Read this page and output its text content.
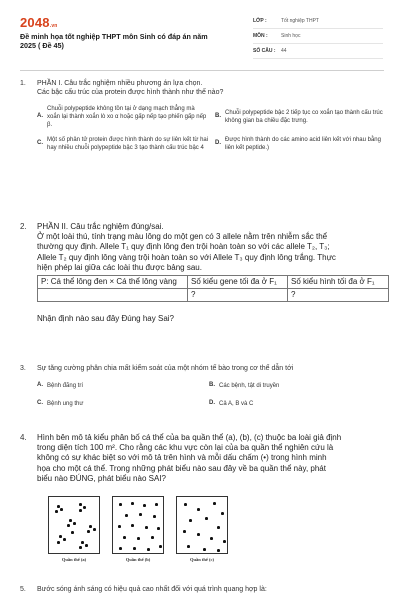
2048.vn
Đề minh họa tốt nghiệp THPT môn Sinh có đáp án năm 2025 ( Đề 45)
LỚP :	Tốt nghiệp THPT
MÔN :	Sinh học
SỐ CÂU :	44
1. PHẦN I. Câu trắc nghiệm nhiều phương án lựa chọn.
Các bậc cấu trúc của protein được hình thành như thế nào?
A.
Chuỗi polypeptide không tồn tại ở dạng mạch thẳng mà xoắn lại thành xoắn lò xo α hoặc gấp nếp tạo phiến gấp nếp β.
B.
Chuỗi polypeptide bậc 2 tiếp tục co xoắn tạo thành cấu trúc không gian ba chiều đặc trưng.
C.
Một số phân tử protein được hình thành do sự liên kết từ hai hay nhiều chuỗi polypeptide bậc 3 tạo thành cấu trúc bậc 4
D.
Được hình thành do các amino acid liên kết với nhau bằng liên kết peptide.)
2. PHẦN II. Câu trắc nghiệm đúng/sai.
Ở một loài thú, tính trạng màu lông do một gen có 3 allele nằm trên nhiễm sắc thể
thường quy định. Allele T₁ quy định lông đen trội hoàn toàn so với các allele T₂, T₃;
Allele T₂ quy định lông vàng trội hoàn toàn so với Allele T₃ quy định lông trắng. Thực
hiện phép lai giữa các loài thu được bảng sau.
P: Cá thể lông đen × Cá thể lông vàng	Số kiểu gene tối đa ở F₁	Số kiểu hình tối đa ở F₁
	?	?
Nhận định nào sau đây Đúng hay Sai?
3. Sự tăng cường phân chia mất kiểm soát của một nhóm tế bào trong cơ thể dẫn tới
A. Bệnh đãng trí	B. Các bệnh, tật di truyền
C. Bệnh ung thư	D. Cả A, B và C
4. Hình bên mô tả kiểu phân bố cá thể của ba quần thể (a), (b), (c) thuộc ba loài giả định
trong diện tích 100 m². Cho rằng các khu vực còn lại của ba quần thể nghiên cứu là
không có sự khác biệt so với mô tả trên hình và mỗi dấu chấm (•) trong hình minh
họa cho một cá thể. Trong những phát biểu nào sau đây về ba quần thể này, phát
biểu nào ĐÚNG, phát biểu nào SAI?
Quần thể (a)	Quần thể (b)	Quần thể (c)
5. Bước sóng ánh sáng có hiệu quả cao nhất đối với quá trình quang hợp là:
